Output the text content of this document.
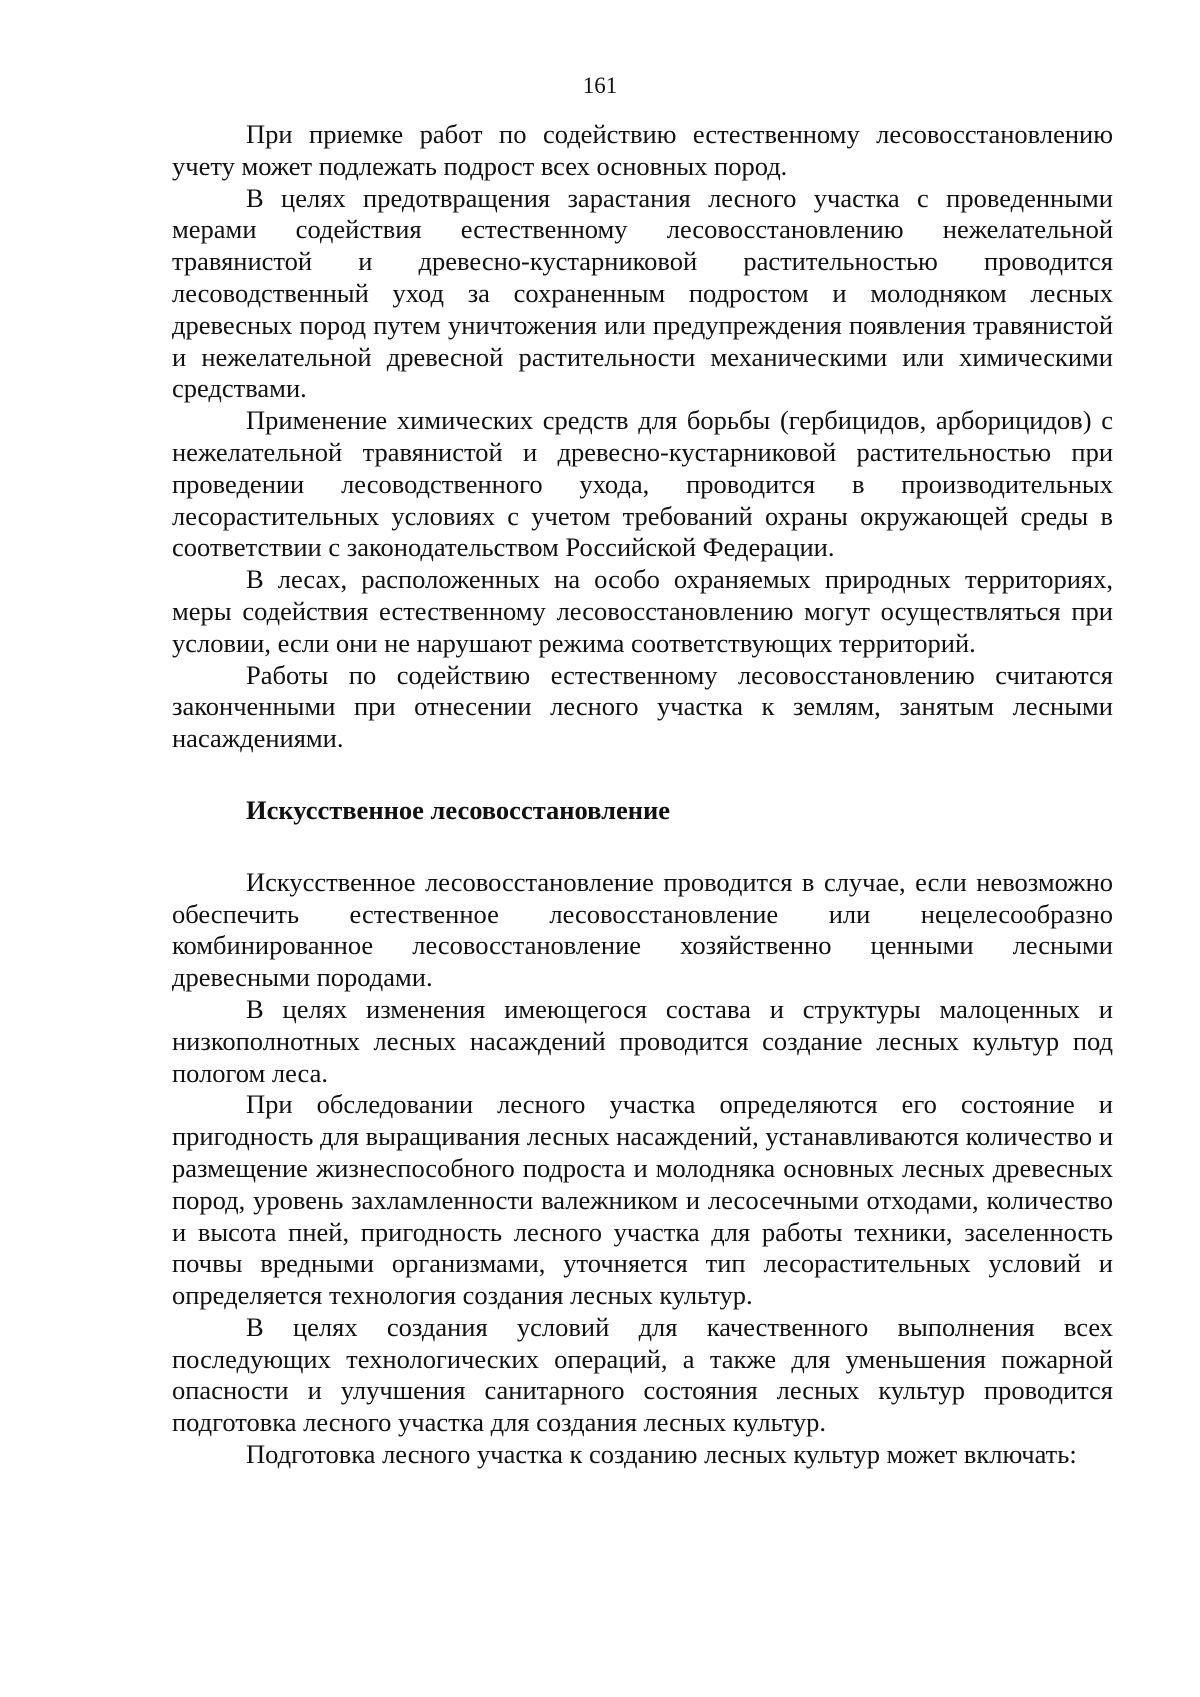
161

При приемке работ по содействию естественному лесовосстановлению учету может подлежать подрост всех основных пород.

В целях предотвращения зарастания лесного участка с проведенными мерами содействия естественному лесовосстановлению нежелательной травянистой и древесно-кустарниковой растительностью проводится лесоводственный уход за сохраненным подростом и молодняком лесных древесных пород путем уничтожения или предупреждения появления травянистой и нежелательной древесной растительности механическими или химическими средствами.

Применение химических средств для борьбы (гербицидов, арборицидов) с нежелательной травянистой и древесно-кустарниковой растительностью при проведении лесоводственного ухода, проводится в производительных лесорастительных условиях с учетом требований охраны окружающей среды в соответствии с законодательством Российской Федерации.

В лесах, расположенных на особо охраняемых природных территориях, меры содействия естественному лесовосстановлению могут осуществляться при условии, если они не нарушают режима соответствующих территорий.

Работы по содействию естественному лесовосстановлению считаются законченными при отнесении лесного участка к землям, занятым лесными насаждениями.

Искусственное лесовосстановление

Искусственное лесовосстановление проводится в случае, если невозможно обеспечить естественное лесовосстановление или нецелесообразно комбинированное лесовосстановление хозяйственно ценными лесными древесными породами.

В целях изменения имеющегося состава и структуры малоценных и низкополнотных лесных насаждений проводится создание лесных культур под пологом леса.

При обследовании лесного участка определяются его состояние и пригодность для выращивания лесных насаждений, устанавливаются количество и размещение жизнеспособного подроста и молодняка основных лесных древесных пород, уровень захламленности валежником и лесосечными отходами, количество и высота пней, пригодность лесного участка для работы техники, заселенность почвы вредными организмами, уточняется тип лесорастительных условий и определяется технология создания лесных культур.

В целях создания условий для качественного выполнения всех последующих технологических операций, а также для уменьшения пожарной опасности и улучшения санитарного состояния лесных культур проводится подготовка лесного участка для создания лесных культур.

Подготовка лесного участка к созданию лесных культур может включать:
